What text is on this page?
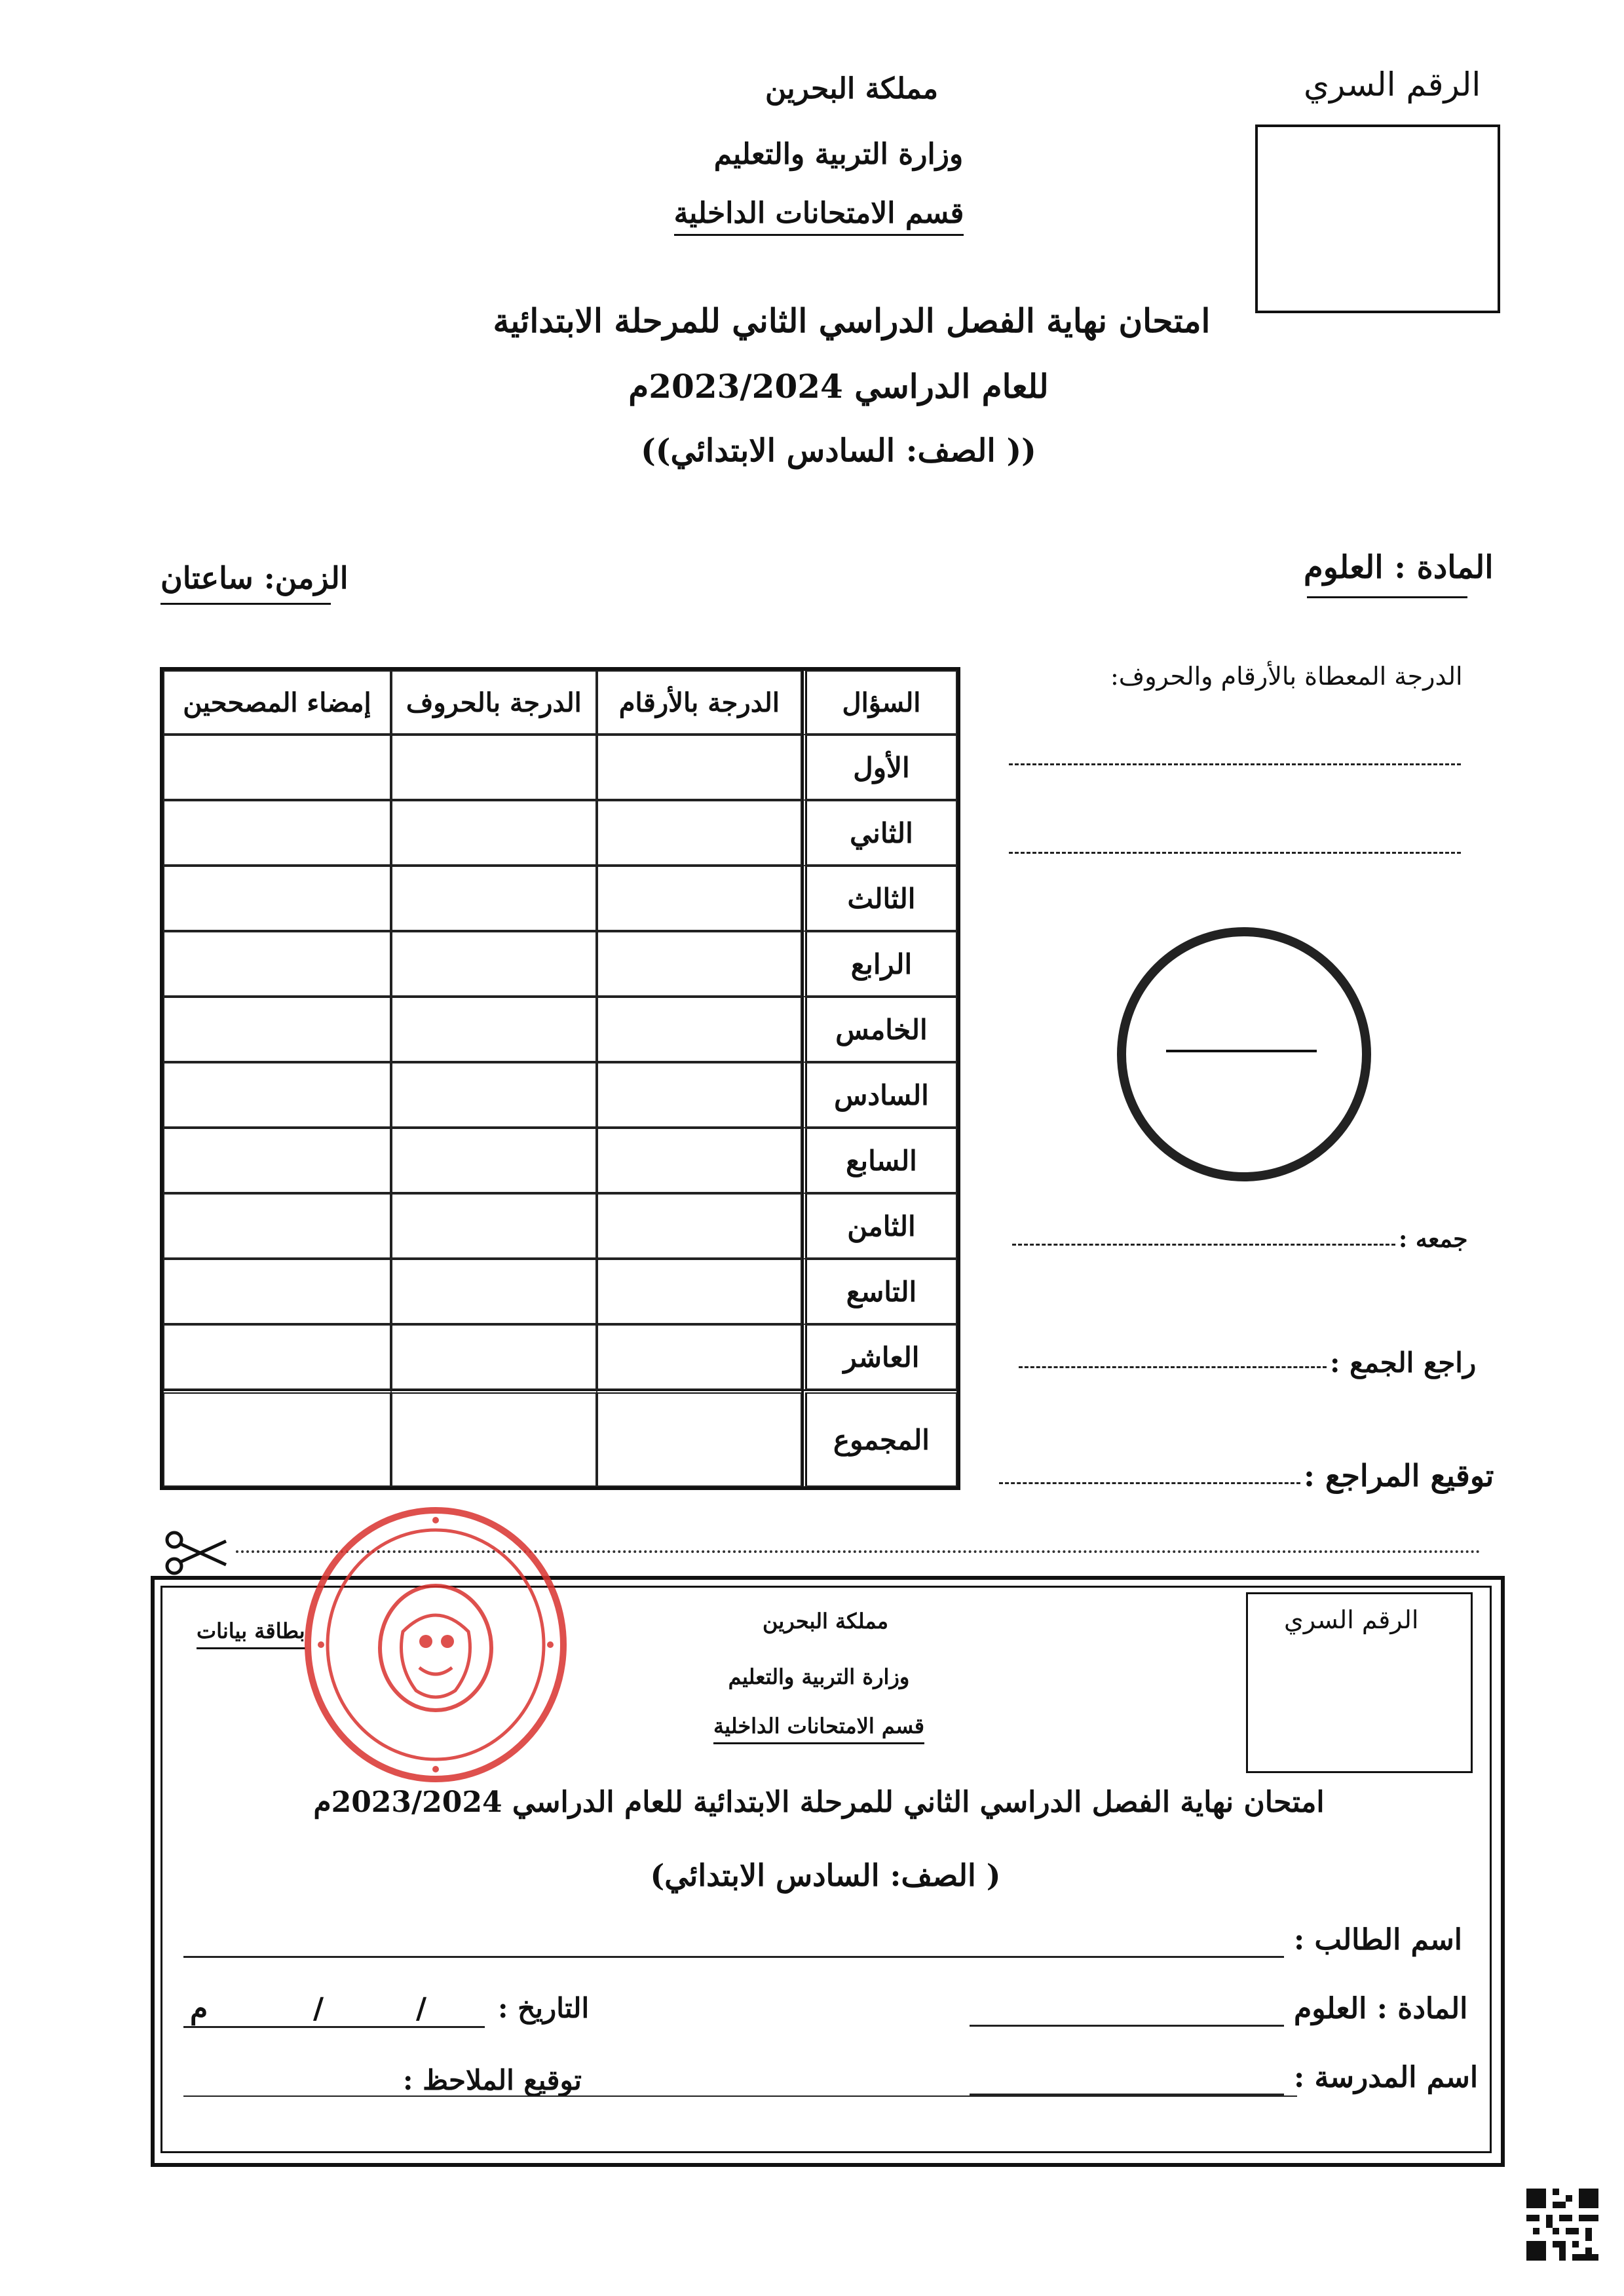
مملكة البحرين
وزارة التربية والتعليم
قسم الامتحانات الداخلية
الرقم السري
امتحان نهاية الفصل الدراسي الثاني للمرحلة الابتدائية
للعام الدراسي 2023/2024م
(( الصف: السادس الابتدائي))
المادة : العلوم
الزمن: ساعتان
السؤال	الدرجة بالأرقام	الدرجة بالحروف	إمضاء المصححين
الأول			
الثاني			
الثالث			
الرابع			
الخامس			
السادس			
السابع			
الثامن			
التاسع			
العاشر			
المجموع			
الدرجة المعطاة بالأرقام والحروف:
جمعه :
راجع الجمع :
توقيع المراجع :
الرقم السري
مملكة البحرين
وزارة التربية والتعليم
قسم الامتحانات الداخلية
بطاقة بيانات
امتحان نهاية الفصل الدراسي الثاني للمرحلة الابتدائية للعام الدراسي 2023/2024م
( الصف: السادس الابتدائي)
اسم الطالب :
المادة : العلوم
التاريخ :
/
/
م
اسم المدرسة :
توقيع الملاحظ :
